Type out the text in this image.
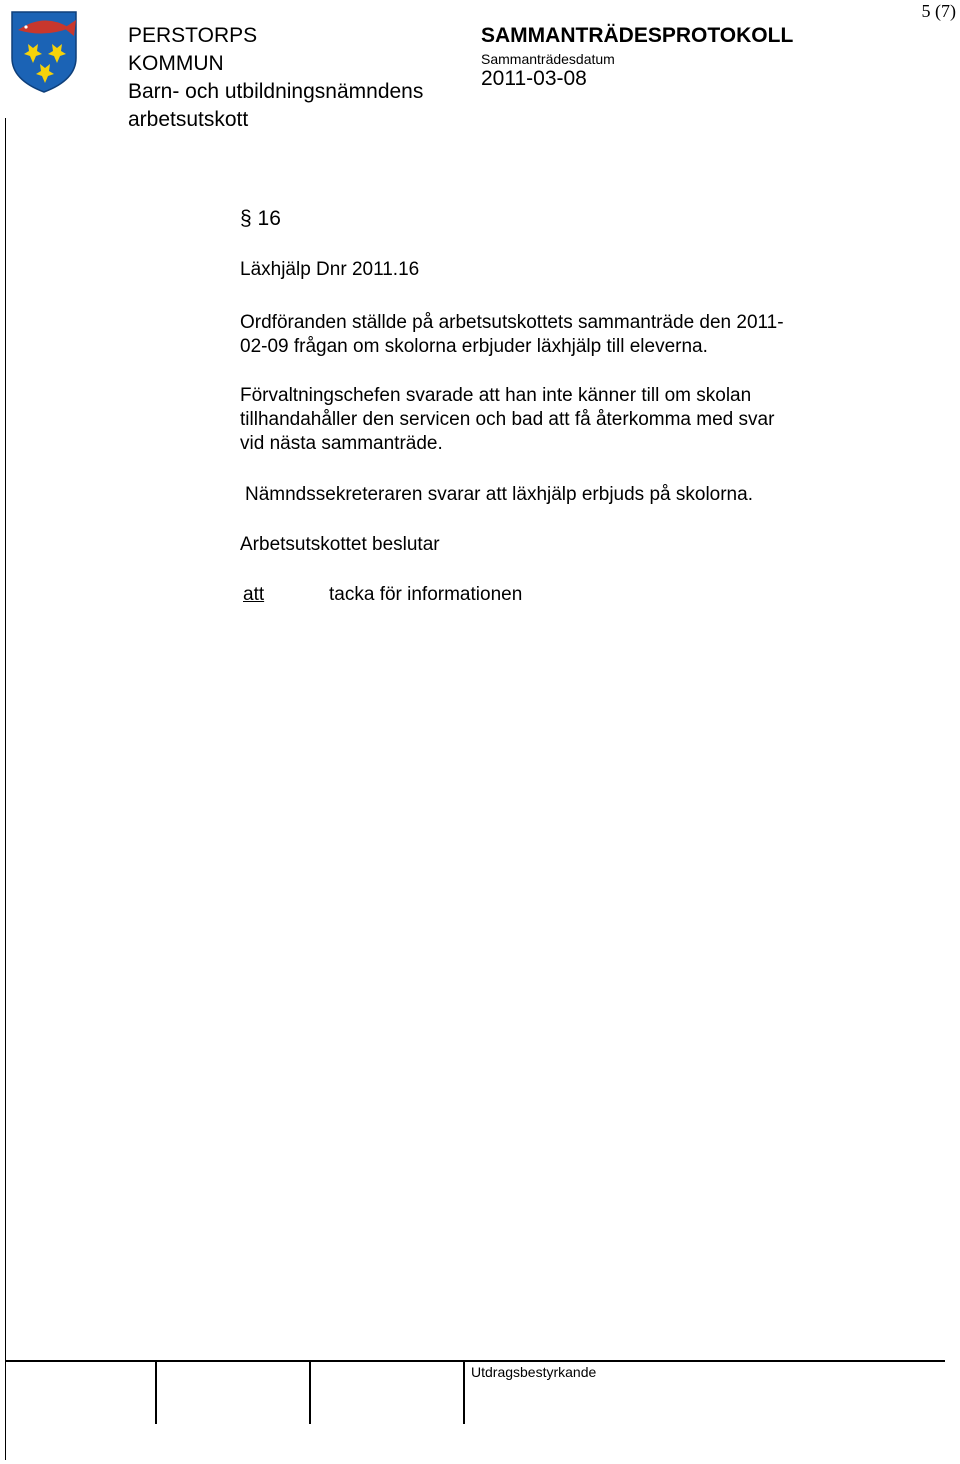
PERSTORPS
KOMMUN
Barn- och utbildningsnämndens
arbetsutskott
SAMMANTRÄDESPROTOKOLL
Sammanträdesdatum
2011-03-08
5 (7)
§ 16
Läxhjälp Dnr 2011.16
Ordföranden ställde på arbetsutskottets sammanträde den 2011-
02-09 frågan om skolorna erbjuder läxhjälp till eleverna.
Förvaltningschefen svarade att han inte känner till om skolan
tillhandahåller den servicen och bad att få återkomma med svar
vid nästa sammanträde.
Nämndssekreteraren svarar att läxhjälp erbjuds på skolorna.
Arbetsutskottet beslutar
att	tacka för informationen
Utdragsbestyrkande
